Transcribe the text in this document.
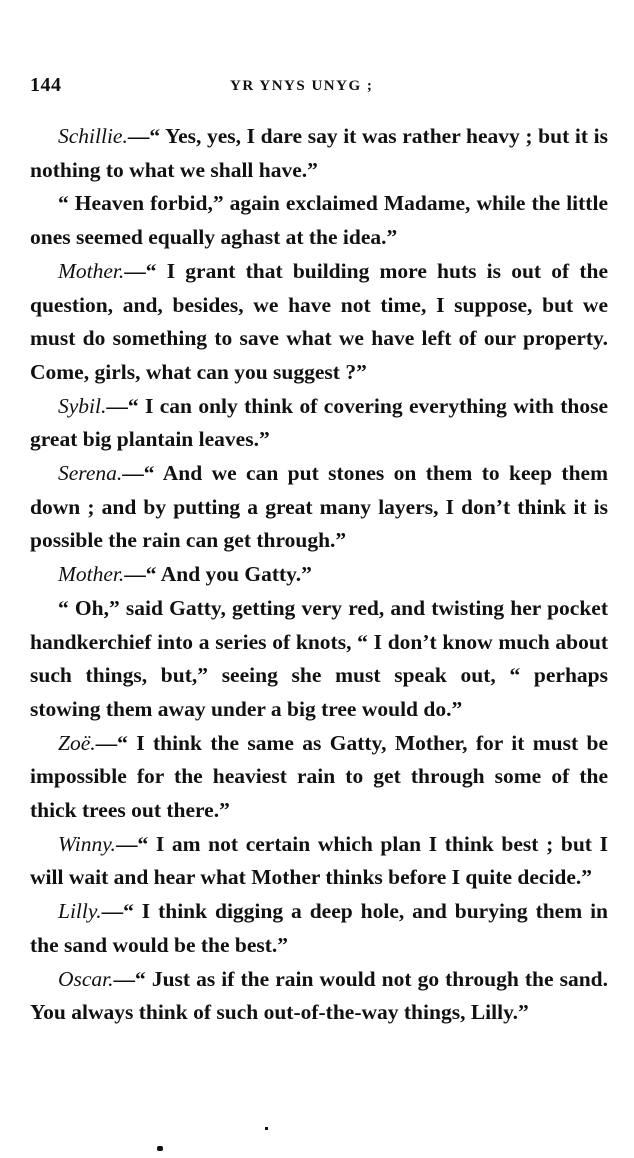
144	YR YNYS UNYG ;

Schillie.—“ Yes, yes, I dare say it was rather heavy ; but it is nothing to what we shall have.”

“ Heaven forbid,” again exclaimed Madame, while the little ones seemed equally aghast at the idea.”

Mother.—“ I grant that building more huts is out of the question, and, besides, we have not time, I suppose, but we must do something to save what we have left of our property. Come, girls, what can you suggest ?”

Sybil.—“ I can only think of covering everything with those great big plantain leaves.”

Serena.—“ And we can put stones on them to keep them down ; and by putting a great many layers, I don’t think it is possible the rain can get through.”

Mother.—“ And you Gatty.”

“ Oh,” said Gatty, getting very red, and twisting her pocket handkerchief into a series of knots, “ I don’t know much about such things, but,” seeing she must speak out, “ perhaps stowing them away under a big tree would do.”

Zoë.—“ I think the same as Gatty, Mother, for it must be impossible for the heaviest rain to get through some of the thick trees out there.”

Winny.—“ I am not certain which plan I think best ; but I will wait and hear what Mother thinks before I quite decide.”

Lilly.—“ I think digging a deep hole, and burying them in the sand would be the best.”

Oscar.—“ Just as if the rain would not go through the sand. You always think of such out-of-the-way things, Lilly.”
